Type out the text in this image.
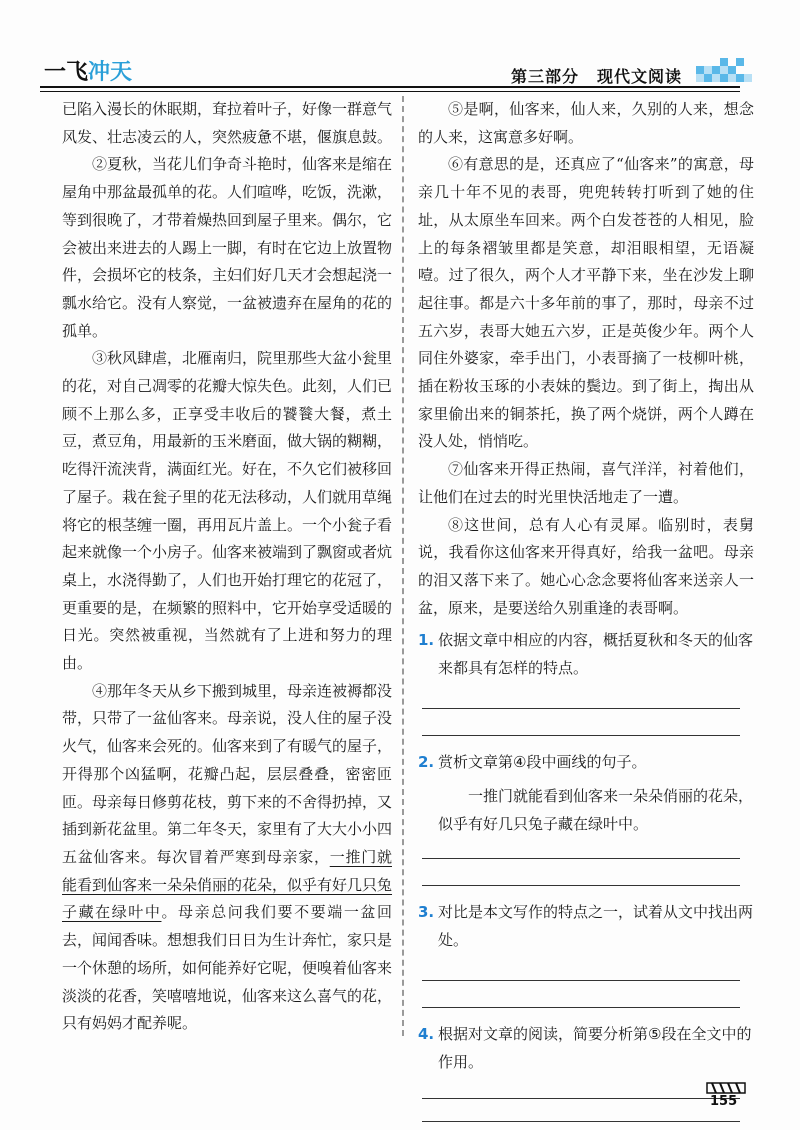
一飞冲天	第三部分 现代文阅读

已陷入漫长的休眠期，耷拉着叶子，好像一群意气风发、壮志凌云的人，突然疲惫不堪，偃旗息鼓。

②夏秋，当花儿们争奇斗艳时，仙客来是缩在屋角中那盆最孤单的花。人们喧哗，吃饭，洗漱，等到很晚了，才带着燥热回到屋子里来。偶尔，它会被出来进去的人踢上一脚，有时在它边上放置物件，会损坏它的枝条，主妇们好几天才会想起浇一瓢水给它。没有人察觉，一盆被遗弃在屋角的花的孤单。

③秋风肆虐，北雁南归，院里那些大盆小瓮里的花，对自己凋零的花瓣大惊失色。此刻，人们已顾不上那么多，正享受丰收后的饕餮大餐，煮土豆，煮豆角，用最新的玉米磨面，做大锅的糊糊，吃得汗流浃背，满面红光。好在，不久它们被移回了屋子。栽在瓮子里的花无法移动，人们就用草绳将它的根茎缠一圈，再用瓦片盖上。一个小瓮子看起来就像一个小房子。仙客来被端到了飘窗或者炕桌上，水浇得勤了，人们也开始打理它的花冠了，更重要的是，在频繁的照料中，它开始享受适暖的日光。突然被重视，当然就有了上进和努力的理由。

④那年冬天从乡下搬到城里，母亲连被褥都没带，只带了一盆仙客来。母亲说，没人住的屋子没火气，仙客来会死的。仙客来到了有暖气的屋子，开得那个凶猛啊，花瓣凸起，层层叠叠，密密匝匝。母亲每日修剪花枝，剪下来的不舍得扔掉，又插到新花盆里。第二年冬天，家里有了大大小小四五盆仙客来。每次冒着严寒到母亲家，一推门就能看到仙客来一朵朵俏丽的花朵，似乎有好几只兔子藏在绿叶中。母亲总问我们要不要端一盆回去，闻闻香味。想想我们日日为生计奔忙，家只是一个休憩的场所，如何能养好它呢，便嗅着仙客来淡淡的花香，笑嘻嘻地说，仙客来这么喜气的花，只有妈妈才配养呢。

⑤是啊，仙客来，仙人来，久别的人来，想念的人来，这寓意多好啊。

⑥有意思的是，还真应了“仙客来”的寓意，母亲几十年不见的表哥，兜兜转转打听到了她的住址，从太原坐车回来。两个白发苍苍的人相见，脸上的每条褶皱里都是笑意，却泪眼相望，无语凝噎。过了很久，两个人才平静下来，坐在沙发上聊起往事。都是六十多年前的事了，那时，母亲不过五六岁，表哥大她五六岁，正是英俊少年。两个人同住外婆家，牵手出门，小表哥摘了一枝柳叶桃，插在粉妆玉琢的小表妹的鬓边。到了街上，掏出从家里偷出来的铜茶托，换了两个烧饼，两个人蹲在没人处，悄悄吃。

⑦仙客来开得正热闹，喜气洋洋，衬着他们，让他们在过去的时光里快活地走了一遭。

⑧这世间，总有人心有灵犀。临别时，表舅说，我看你这仙客来开得真好，给我一盆吧。母亲的泪又落下来了。她心心念念要将仙客来送亲人一盆，原来，是要送给久别重逢的表哥啊。

1. 依据文章中相应的内容，概括夏秋和冬天的仙客来都具有怎样的特点。
2. 赏析文章第④段中画线的句子。
一推门就能看到仙客来一朵朵俏丽的花朵，似乎有好几只兔子藏在绿叶中。
3. 对比是本文写作的特点之一，试着从文中找出两处。
4. 根据对文章的阅读，简要分析第⑤段在全文中的作用。
155
